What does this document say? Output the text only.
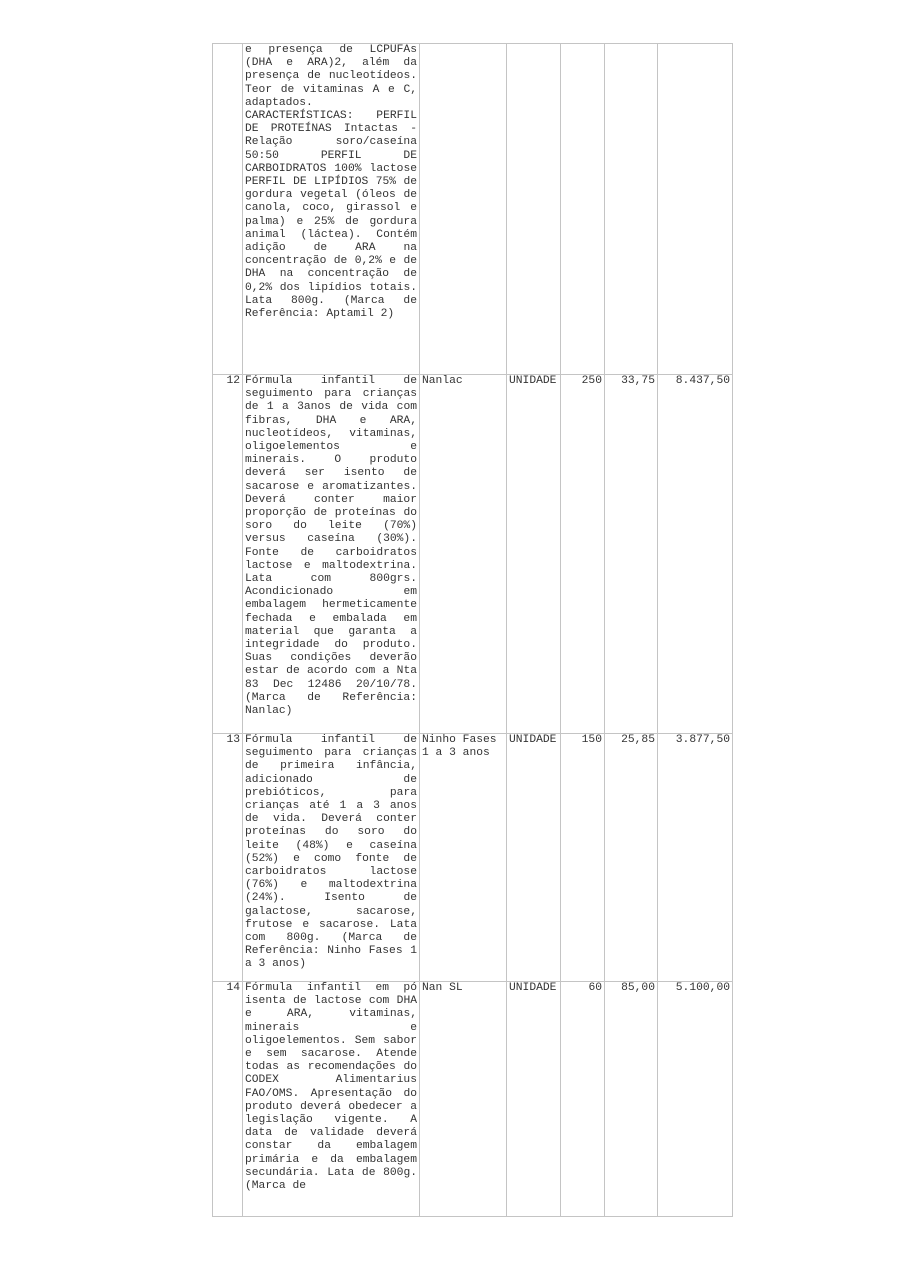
	e presença de LCPUFAs (DHA e ARA)2, além da presença de nucleotídeos. Teor de vitaminas A e C, adaptados. CARACTERÍSTICAS: PERFIL DE PROTEÍNAS Intactas - Relação soro/caseína 50:50 PERFIL DE CARBOIDRATOS 100% lactose PERFIL DE LIPÍDIOS 75% de gordura vegetal (óleos de canola, coco, girassol e palma) e 25% de gordura animal (láctea). Contém adição de ARA na concentração de 0,2% e de DHA na concentração de 0,2% dos lipídios totais. Lata 800g. (Marca de Referência: Aptamil 2)					
12	Fórmula infantil de seguimento para crianças de 1 a 3anos de vida com fibras, DHA e ARA, nucleotídeos, vitaminas, oligoelementos e minerais. O produto deverá ser isento de sacarose e aromatizantes. Deverá conter maior proporção de proteínas do soro do leite (70%) versus caseína (30%). Fonte de carboidratos lactose e maltodextrina. Lata com 800grs. Acondicionado em embalagem hermeticamente fechada e embalada em material que garanta a integridade do produto. Suas condições deverão estar de acordo com a Nta 83 Dec 12486 20/10/78. (Marca de Referência: Nanlac)	Nanlac	UNIDADE	250	33,75	8.437,50
13	Fórmula infantil de seguimento para crianças de primeira infância, adicionado de prebióticos, para crianças até 1 a 3 anos de vida. Deverá conter proteínas do soro do leite (48%) e caseína (52%) e como fonte de carboidratos lactose (76%) e maltodextrina (24%). Isento de galactose, sacarose, frutose e sacarose. Lata com 800g. (Marca de Referência: Ninho Fases 1 a 3 anos)	Ninho Fases 1 a 3 anos	UNIDADE	150	25,85	3.877,50
14	Fórmula infantil em pó isenta de lactose com DHA e ARA, vitaminas, minerais e oligoelementos. Sem sabor e sem sacarose. Atende todas as recomendações do CODEX Alimentarius FAO/OMS. Apresentação do produto deverá obedecer a legislação vigente. A data de validade deverá constar da embalagem primária e da embalagem secundária. Lata de 800g. (Marca de	Nan SL	UNIDADE	60	85,00	5.100,00
